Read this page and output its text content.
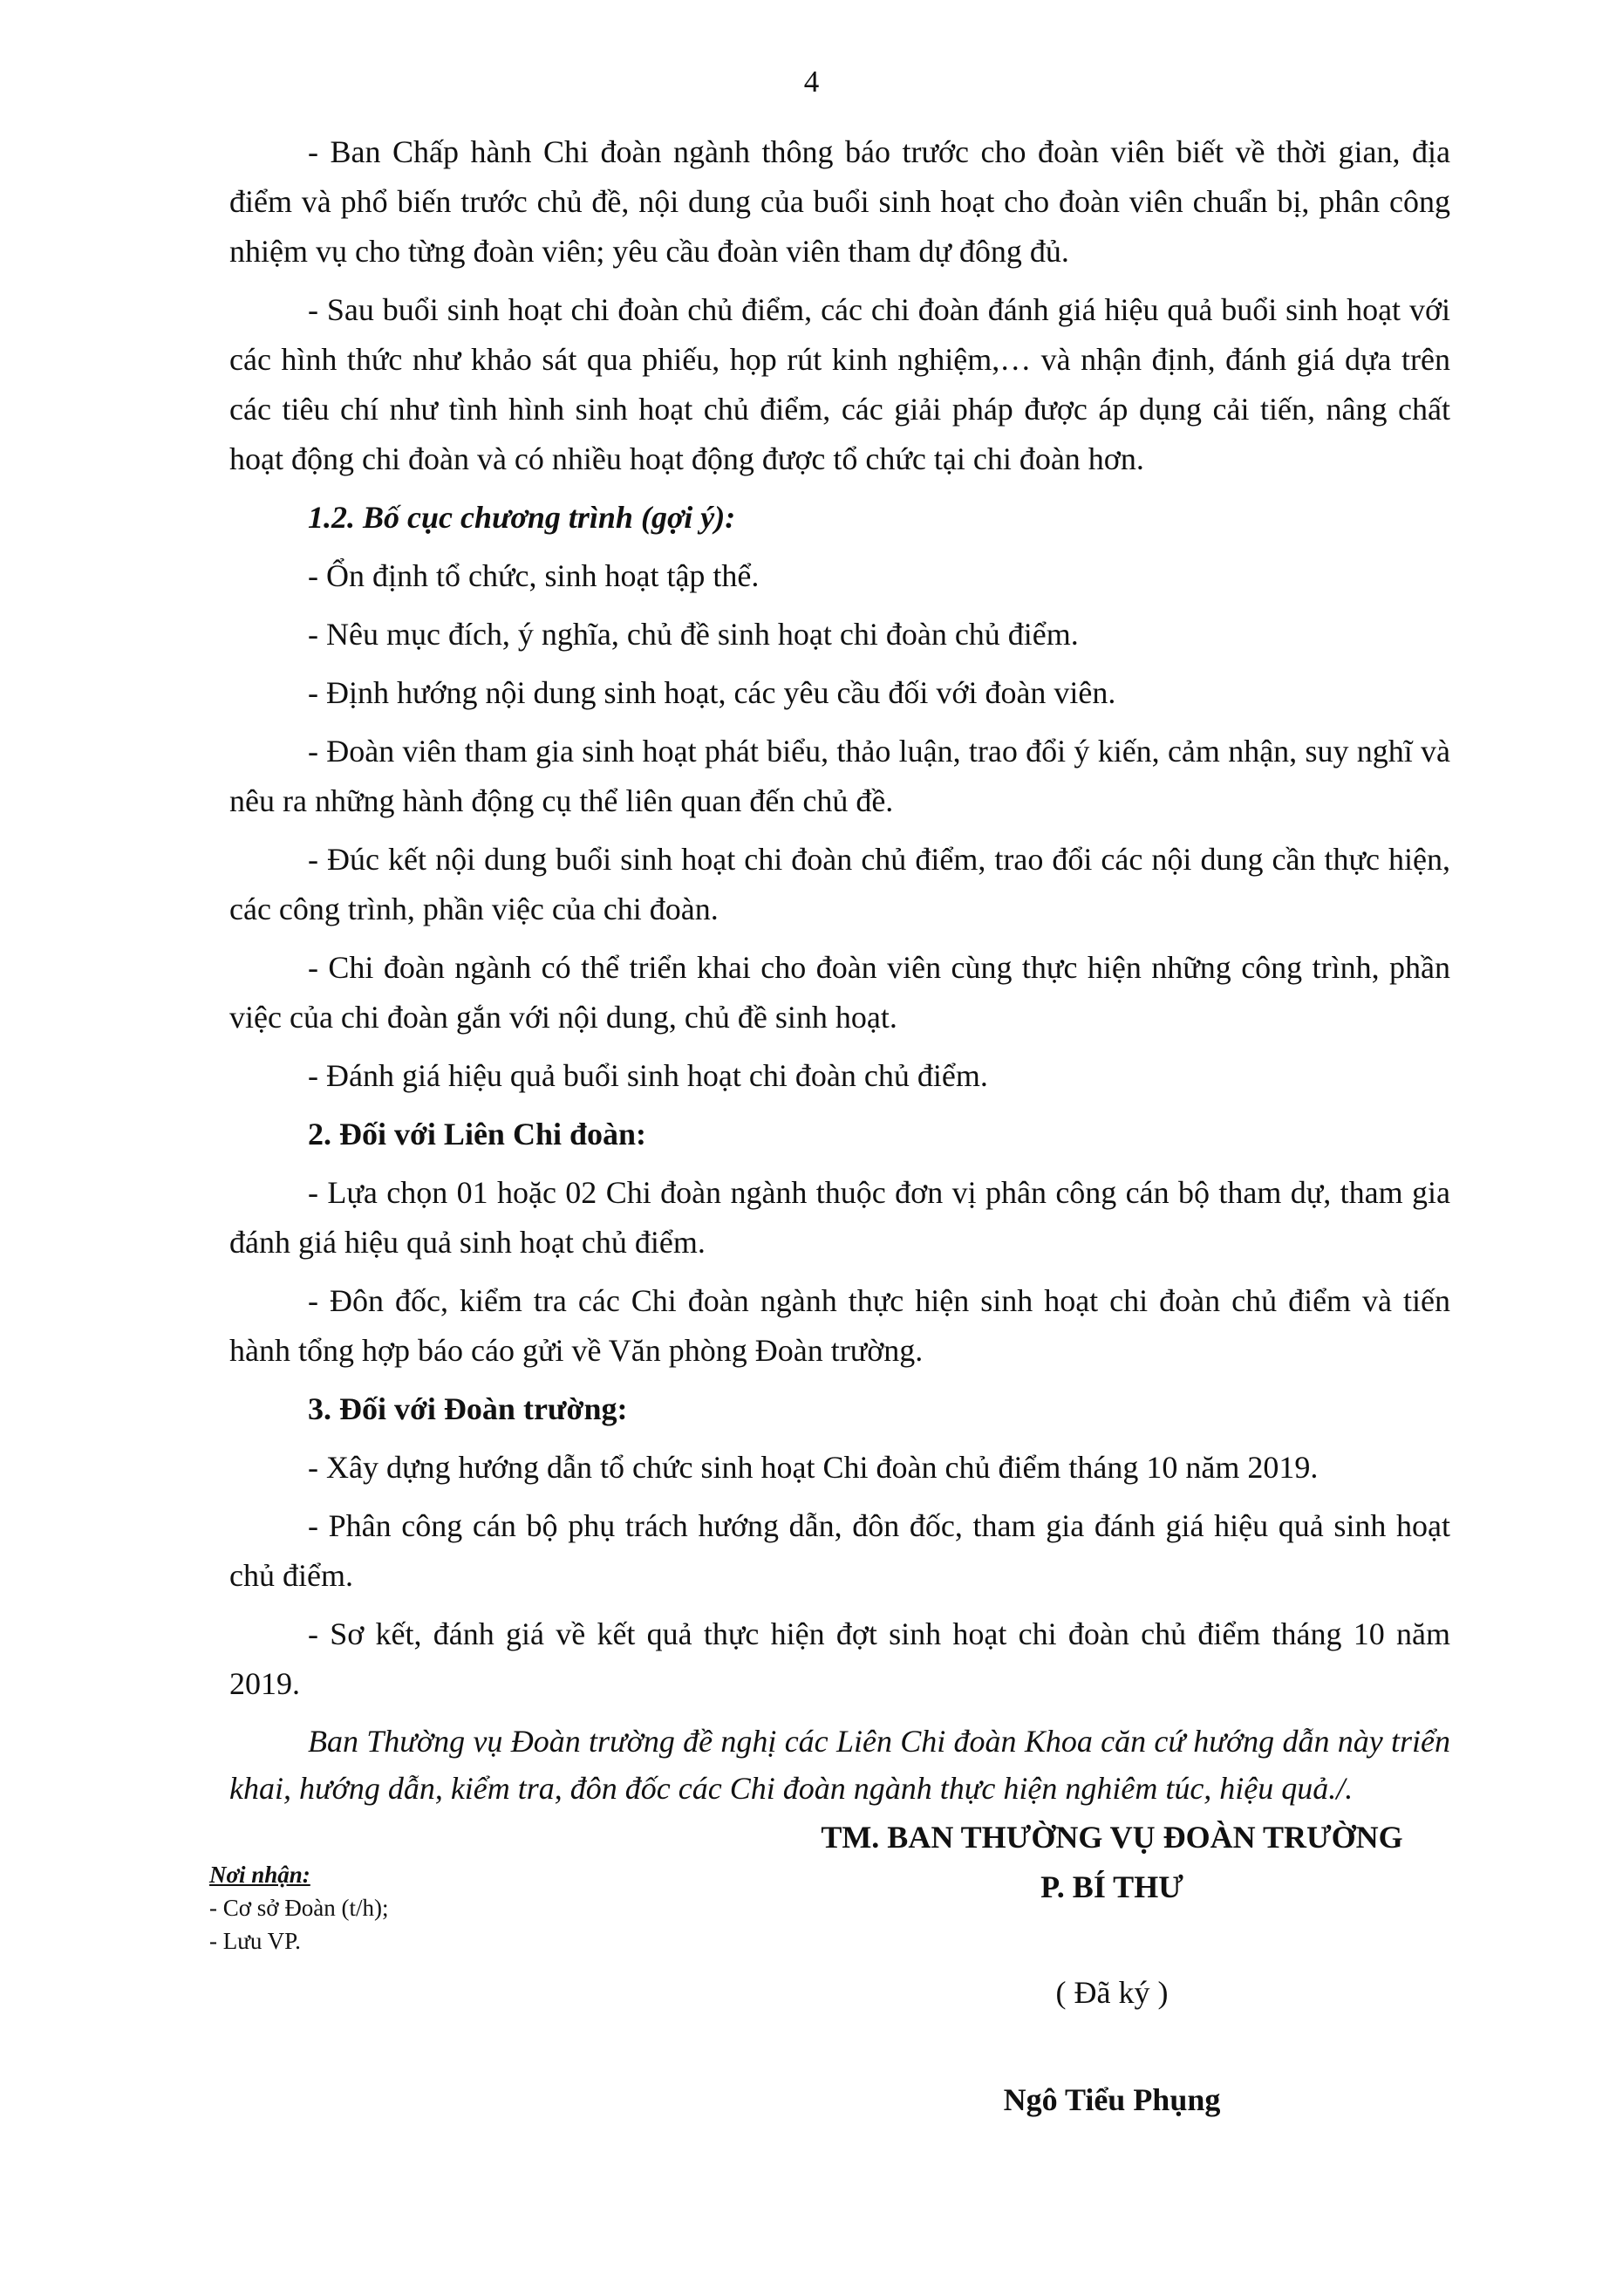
4

- Ban Chấp hành Chi đoàn ngành thông báo trước cho đoàn viên biết về thời gian, địa điểm và phổ biến trước chủ đề, nội dung của buổi sinh hoạt cho đoàn viên chuẩn bị, phân công nhiệm vụ cho từng đoàn viên; yêu cầu đoàn viên tham dự đông đủ.

- Sau buổi sinh hoạt chi đoàn chủ điểm, các chi đoàn đánh giá hiệu quả buổi sinh hoạt với các hình thức như khảo sát qua phiếu, họp rút kinh nghiệm,… và nhận định, đánh giá dựa trên các tiêu chí như tình hình sinh hoạt chủ điểm, các giải pháp được áp dụng cải tiến, nâng chất hoạt động chi đoàn và có nhiều hoạt động được tổ chức tại chi đoàn hơn.

1.2. Bố cục chương trình (gợi ý):

- Ổn định tổ chức, sinh hoạt tập thể.

- Nêu mục đích, ý nghĩa, chủ đề sinh hoạt chi đoàn chủ điểm.

- Định hướng nội dung sinh hoạt, các yêu cầu đối với đoàn viên.

- Đoàn viên tham gia sinh hoạt phát biểu, thảo luận, trao đổi ý kiến, cảm nhận, suy nghĩ và nêu ra những hành động cụ thể liên quan đến chủ đề.

- Đúc kết nội dung buổi sinh hoạt chi đoàn chủ điểm, trao đổi các nội dung cần thực hiện, các công trình, phần việc của chi đoàn.

- Chi đoàn ngành có thể triển khai cho đoàn viên cùng thực hiện những công trình, phần việc của chi đoàn gắn với nội dung, chủ đề sinh hoạt.

- Đánh giá hiệu quả buổi sinh hoạt chi đoàn chủ điểm.

2. Đối với Liên Chi đoàn:

- Lựa chọn 01 hoặc 02 Chi đoàn ngành thuộc đơn vị phân công cán bộ tham dự, tham gia đánh giá hiệu quả sinh hoạt chủ điểm.

- Đôn đốc, kiểm tra các Chi đoàn ngành thực hiện sinh hoạt chi đoàn chủ điểm và tiến hành tổng hợp báo cáo gửi về Văn phòng Đoàn trường.

3. Đối với Đoàn trường:

- Xây dựng hướng dẫn tổ chức sinh hoạt Chi đoàn chủ điểm tháng 10 năm 2019.

- Phân công cán bộ phụ trách hướng dẫn, đôn đốc, tham gia đánh giá hiệu quả sinh hoạt chủ điểm.

- Sơ kết, đánh giá về kết quả thực hiện đợt sinh hoạt chi đoàn chủ điểm tháng 10 năm 2019.

Ban Thường vụ Đoàn trường đề nghị các Liên Chi đoàn Khoa căn cứ hướng dẫn này triển khai, hướng dẫn, kiểm tra, đôn đốc các Chi đoàn ngành thực hiện nghiêm túc, hiệu quả./.

TM. BAN THƯỜNG VỤ ĐOÀN TRƯỜNG
P. BÍ THƯ
( Đã ký )
Ngô Tiểu Phụng
Nơi nhận:
- Cơ sở Đoàn (t/h);
- Lưu VP.
